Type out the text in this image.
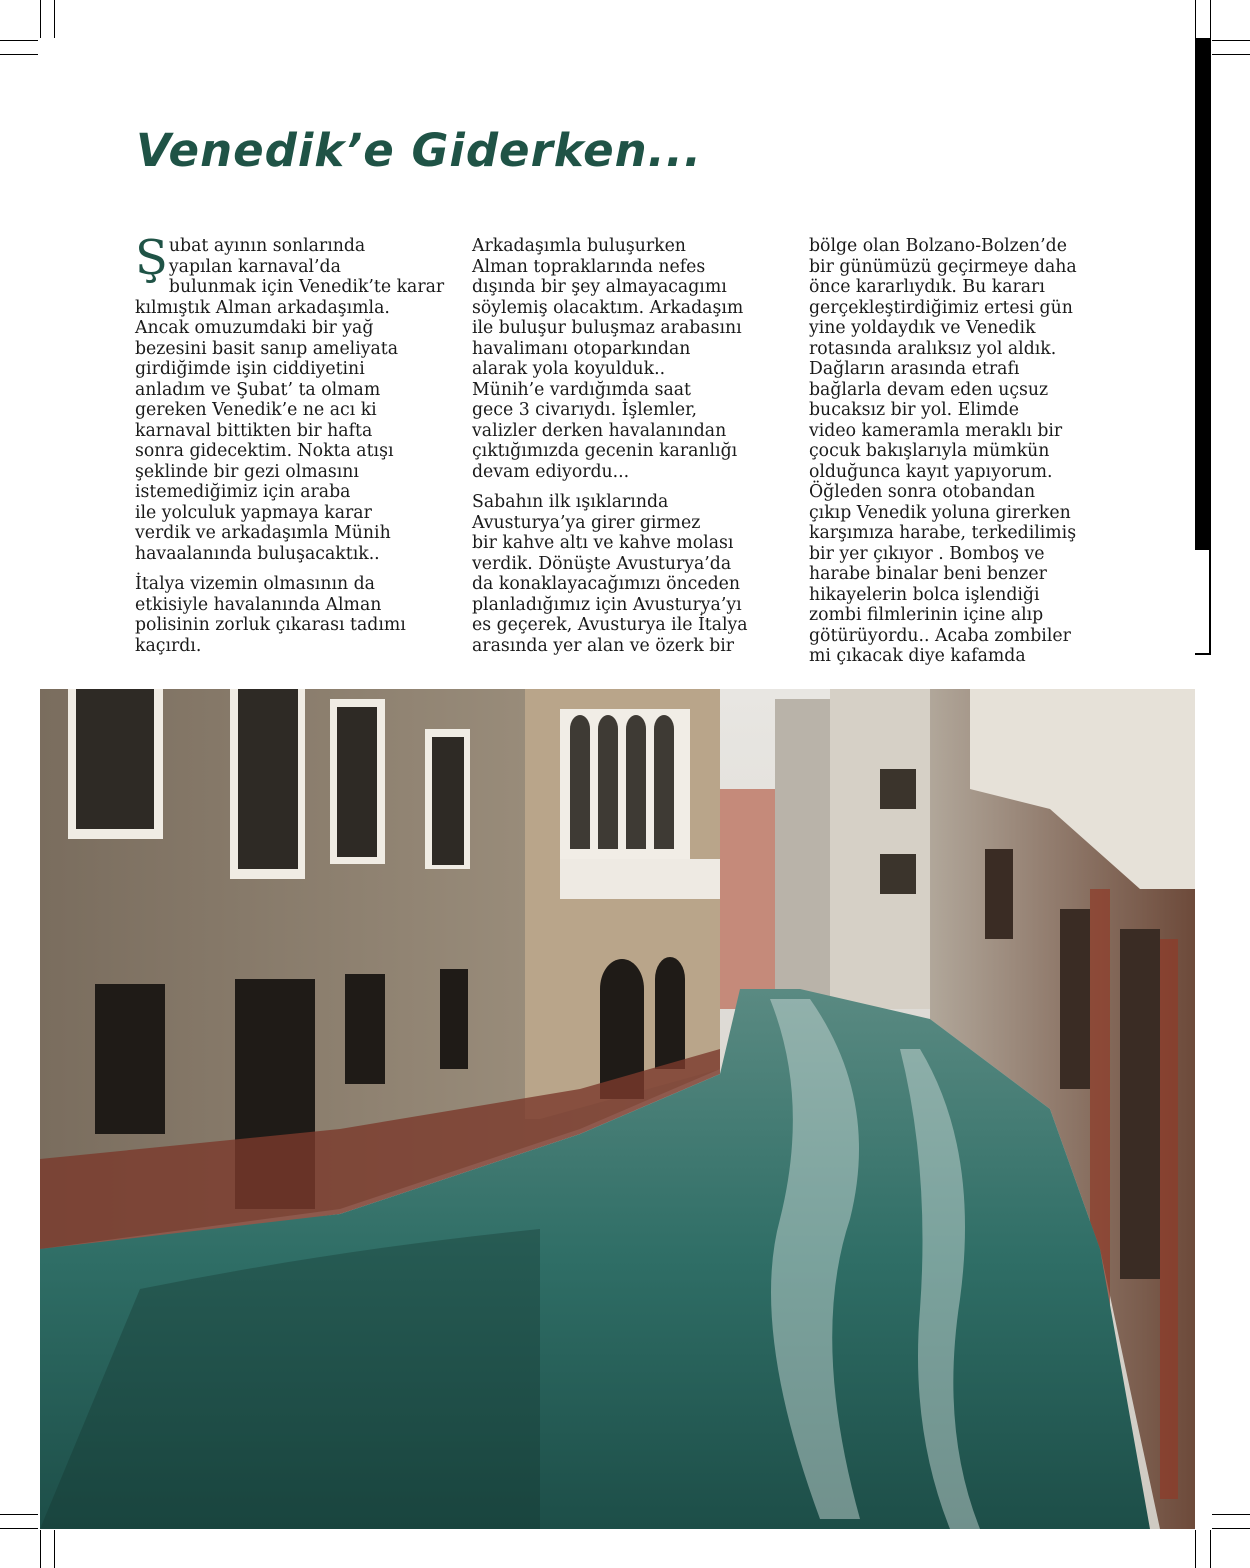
Venedik’e Giderken...

Şubat ayının sonlarında
yapılan karnaval’da
bulunmak için Venedik’te karar
kılmıştık Alman arkadaşımla.
Ancak omuzumdaki bir yağ
bezesini basit sanıp ameliyata
girdiğimde işin ciddiyetini
anladım ve Şubat’ ta olmam
gereken Venedik’e ne acı ki
karnaval bittikten bir hafta
sonra gidecektim. Nokta atışı
şeklinde bir gezi olmasını
istemediğimiz için araba
ile yolculuk yapmaya karar
verdik ve arkadaşımla Münih
havaalanında buluşacaktık..

İtalya vizemin olmasının da
etkisiyle havalanında Alman
polisinin zorluk çıkarası tadımı
kaçırdı.

Arkadaşımla buluşurken
Alman topraklarında nefes
dışında bir şey almayacagımı
söylemiş olacaktım. Arkadaşım
ile buluşur buluşmaz arabasını
havalimanı otoparkından
alarak yola koyulduk..
Münih’e vardığımda saat
gece 3 civarıydı. İşlemler,
valizler derken havalanından
çıktığımızda gecenin karanlığı
devam ediyordu...

Sabahın ilk ışıklarında
Avusturya’ya girer girmez
bir kahve altı ve kahve molası
verdik. Dönüşte Avusturya’da
da konaklayacağımızı önceden
planladığımız için Avusturya’yı
es geçerek, Avusturya ile İtalya
arasında yer alan ve özerk bir

bölge olan Bolzano-Bolzen’de
bir günümüzü geçirmeye daha
önce kararlıydık. Bu kararı
gerçekleştirdiğimiz ertesi gün
yine yoldaydık ve Venedik
rotasında aralıksız yol aldık.
Dağların arasında etrafı
bağlarla devam eden uçsuz
bucaksız bir yol. Elimde
video kameramla meraklı bir
çocuk bakışlarıyla mümkün
olduğunca kayıt yapıyorum.
Öğleden sonra otobandan
çıkıp Venedik yoluna girerken
karşımıza harabe, terkedilimiş
bir yer çıkıyor . Bomboş ve
harabe binalar beni benzer
hikayelerin bolca işlendiği
zombi filmlerinin içine alıp
götürüyordu.. Acaba zombiler
mi çıkacak diye kafamda
